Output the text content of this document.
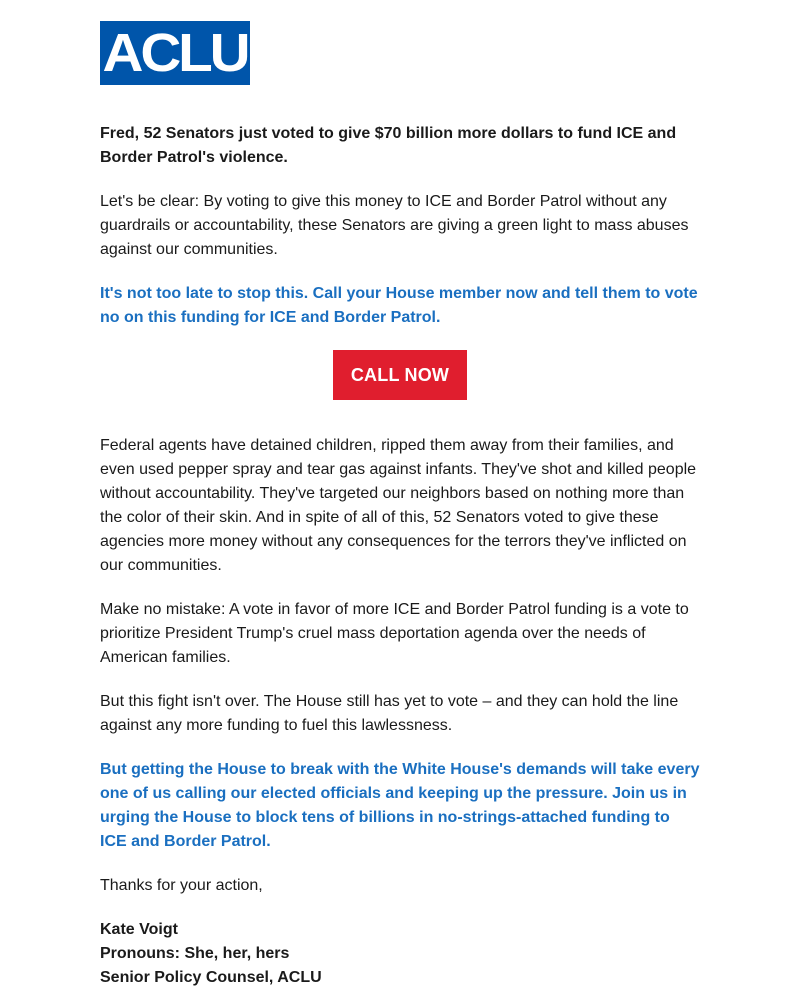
ACLU

Fred, 52 Senators just voted to give $70 billion more dollars to fund ICE and Border Patrol's violence.

Let's be clear: By voting to give this money to ICE and Border Patrol without any guardrails or accountability, these Senators are giving a green light to mass abuses against our communities.

It's not too late to stop this. Call your House member now and tell them to vote no on this funding for ICE and Border Patrol.

CALL NOW

Federal agents have detained children, ripped them away from their families, and even used pepper spray and tear gas against infants. They've shot and killed people without accountability. They've targeted our neighbors based on nothing more than the color of their skin. And in spite of all of this, 52 Senators voted to give these agencies more money without any consequences for the terrors they've inflicted on our communities.

Make no mistake: A vote in favor of more ICE and Border Patrol funding is a vote to prioritize President Trump's cruel mass deportation agenda over the needs of American families.

But this fight isn't over. The House still has yet to vote – and they can hold the line against any more funding to fuel this lawlessness.

But getting the House to break with the White House's demands will take every one of us calling our elected officials and keeping up the pressure. Join us in urging the House to block tens of billions in no-strings-attached funding to ICE and Border Patrol.

Thanks for your action,

Kate Voigt

Pronouns: She, her, hers

Senior Policy Counsel, ACLU
